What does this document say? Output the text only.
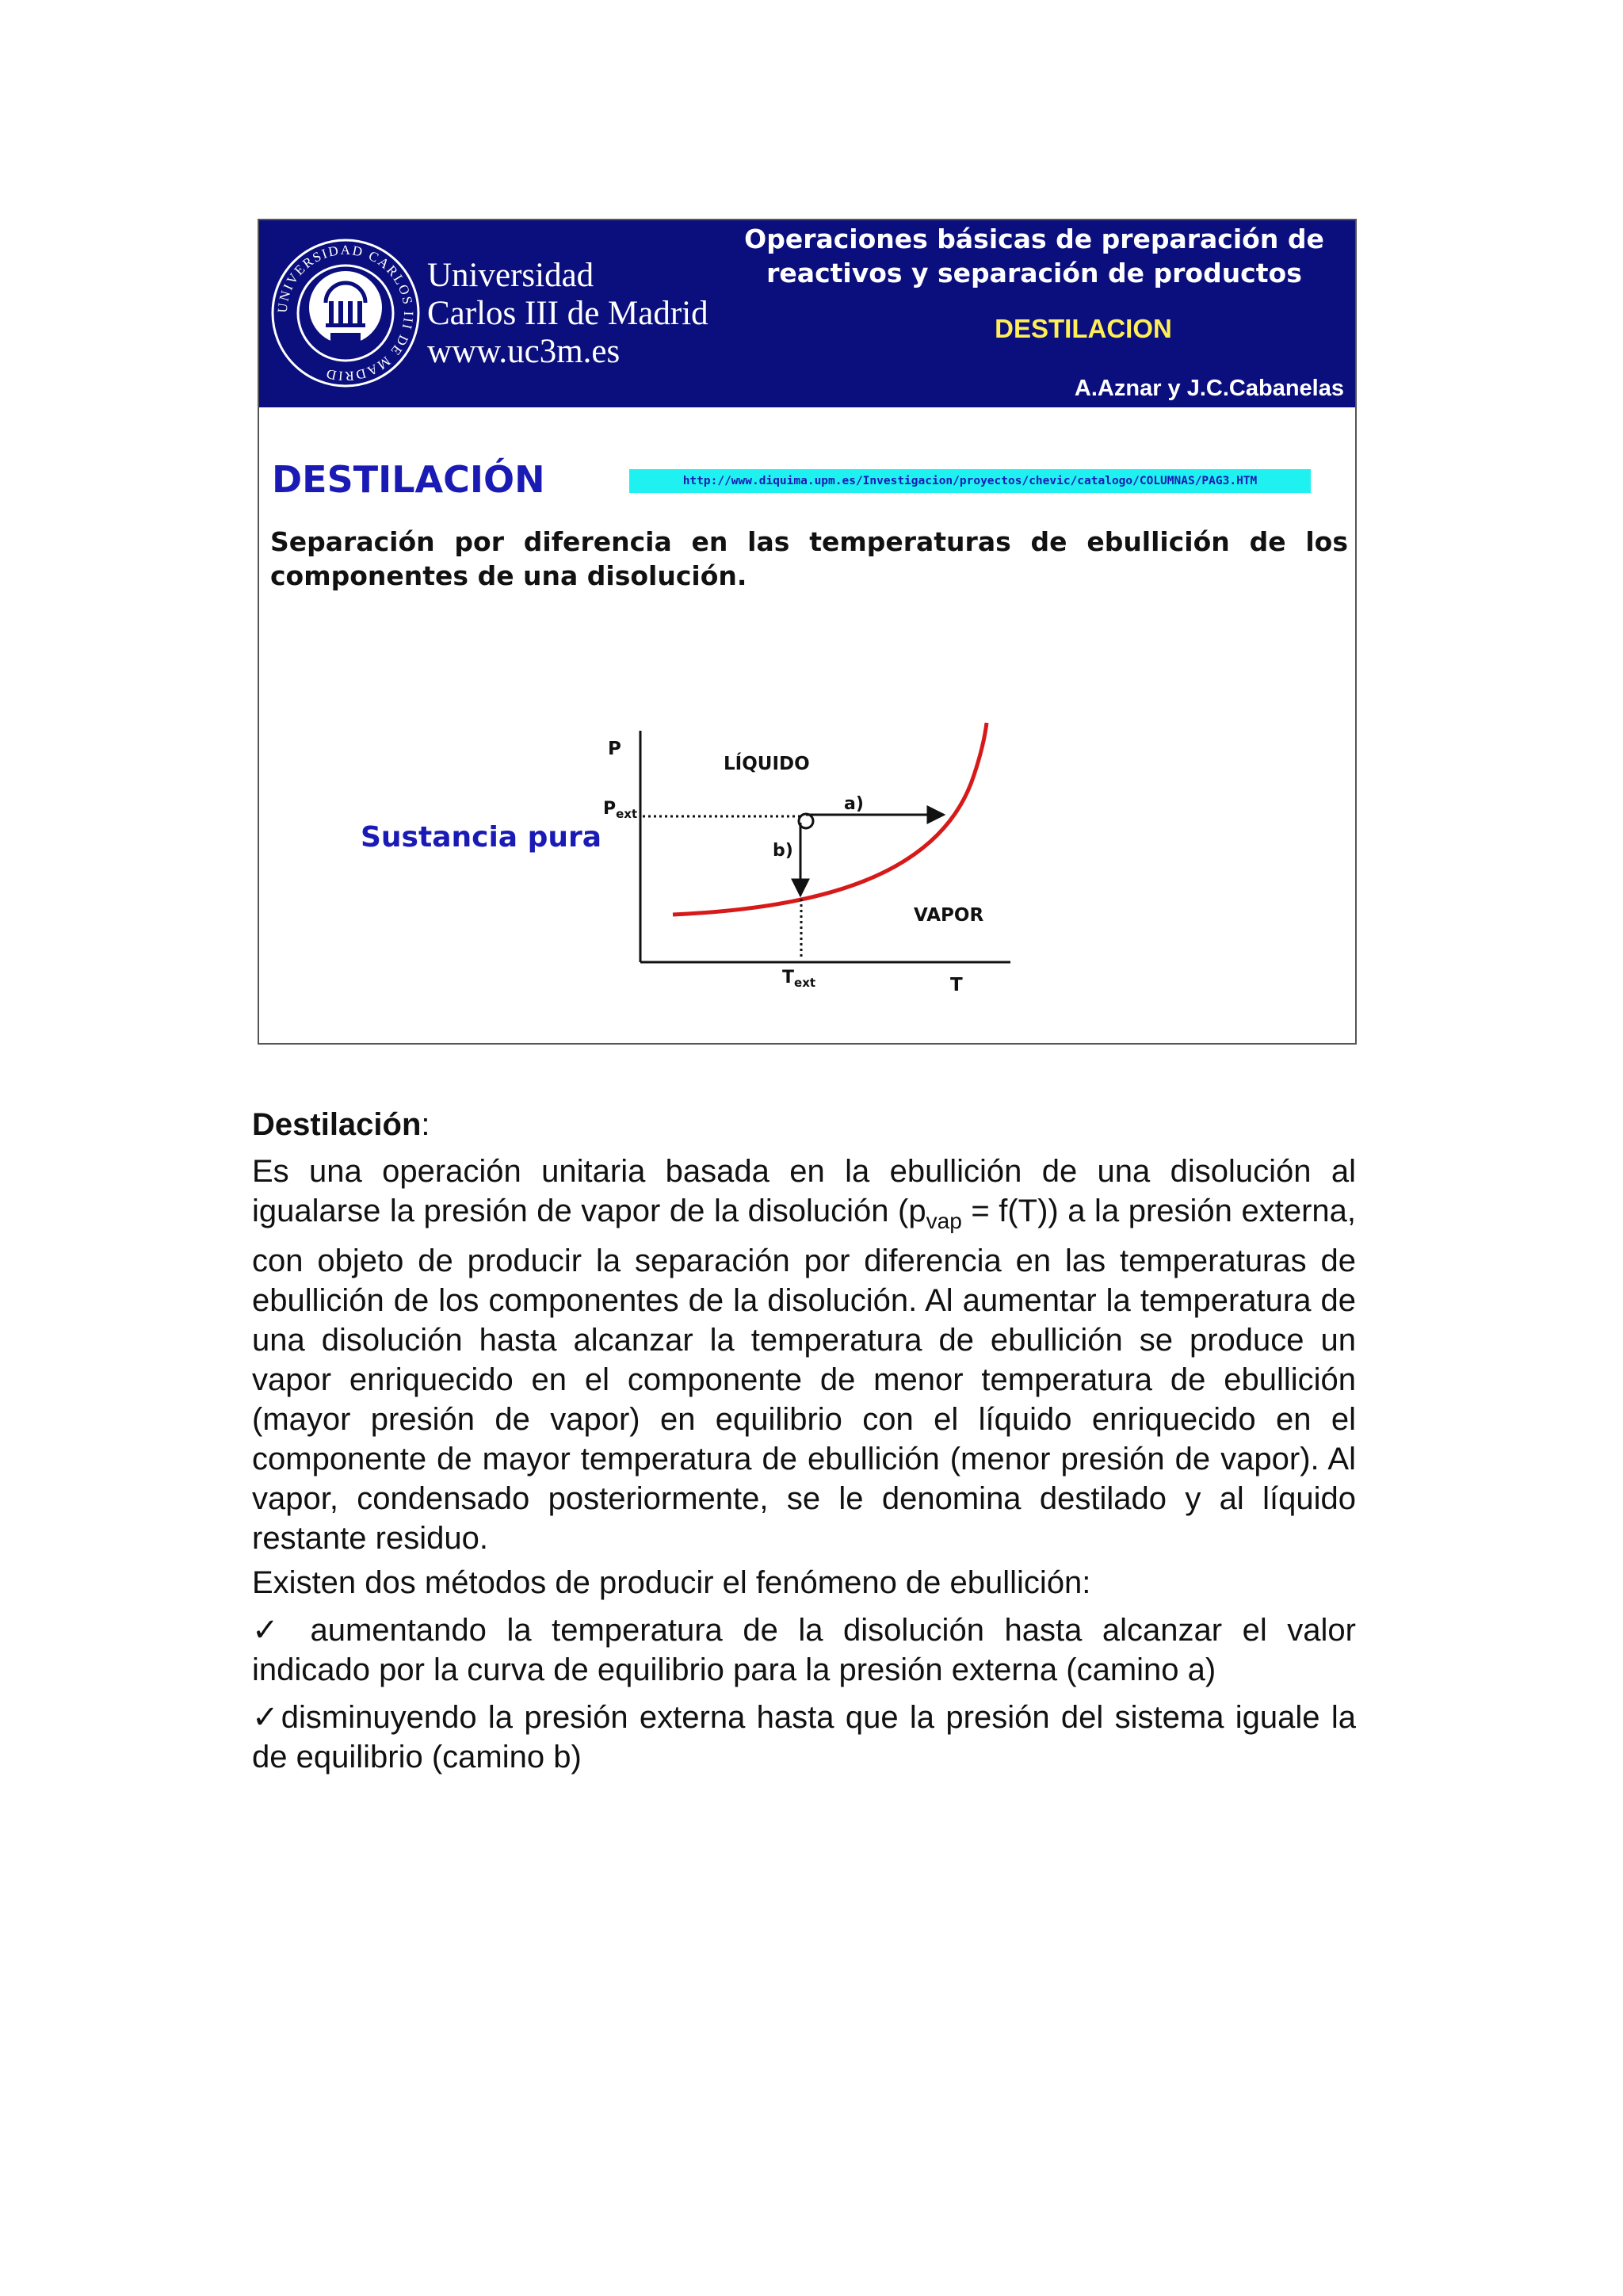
UNIVERSIDAD CARLOS III DE MADRID
Universidad
Carlos III de Madrid
www.uc3m.es
Operaciones básicas de preparación de
reactivos y separación de productos
DESTILACION
A.Aznar y J.C.Cabanelas
DESTILACIÓN	http://www.diquima.upm.es/Investigacion/proyectos/chevic/catalogo/COLUMNAS/PAG3.HTM

Separación por diferencia en las temperaturas de ebullición de los
componentes de una disolución.

Sustancia pura
P
$P_{ext}$
LÍQUIDO
a)
b)
VAPOR
$T_{ext}$	T
Destilación:

Es una operación unitaria basada en la ebullición de una disolución al igualarse la presión de vapor de la disolución $(p_{vap} = f(T))$ a la presión externa, con objeto de producir la separación por diferencia en las temperaturas de ebullición de los componentes de la disolución. Al aumentar la temperatura de una disolución hasta alcanzar la temperatura de ebullición se produce un vapor enriquecido en el componente de menor temperatura de ebullición (mayor presión de vapor) en equilibrio con el líquido enriquecido en el componente de mayor temperatura de ebullición (menor presión de vapor). Al vapor, condensado posteriormente, se le denomina destilado y al líquido restante residuo.

Existen dos métodos de producir el fenómeno de ebullición:

✓ aumentando la temperatura de la disolución hasta alcanzar el valor indicado por la curva de equilibrio para la presión externa (camino a)
✓disminuyendo la presión externa hasta que la presión del sistema iguale la de equilibrio (camino b)
